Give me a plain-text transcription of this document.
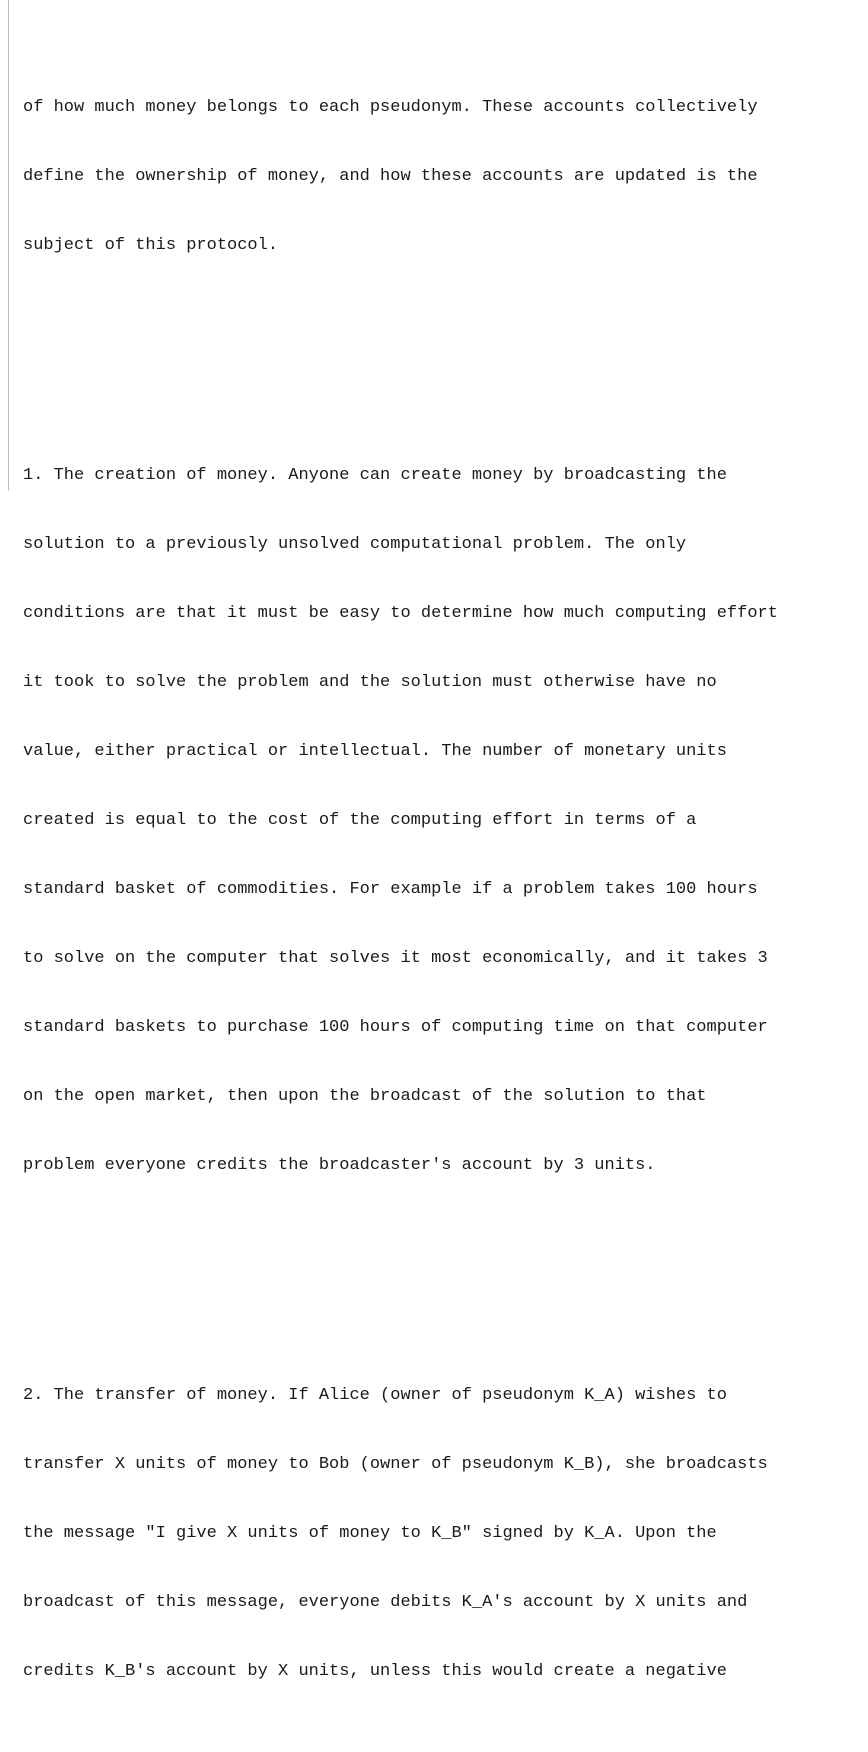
of how much money belongs to each pseudonym. These accounts collectively

define the ownership of money, and how these accounts are updated is the

subject of this protocol.

1. The creation of money. Anyone can create money by broadcasting the

solution to a previously unsolved computational problem. The only

conditions are that it must be easy to determine how much computing effort

it took to solve the problem and the solution must otherwise have no

value, either practical or intellectual. The number of monetary units

created is equal to the cost of the computing effort in terms of a

standard basket of commodities. For example if a problem takes 100 hours

to solve on the computer that solves it most economically, and it takes 3

standard baskets to purchase 100 hours of computing time on that computer

on the open market, then upon the broadcast of the solution to that

problem everyone credits the broadcaster's account by 3 units.

2. The transfer of money. If Alice (owner of pseudonym K_A) wishes to

transfer X units of money to Bob (owner of pseudonym K_B), she broadcasts

the message "I give X units of money to K_B" signed by K_A. Upon the

broadcast of this message, everyone debits K_A's account by X units and

credits K_B's account by X units, unless this would create a negative
